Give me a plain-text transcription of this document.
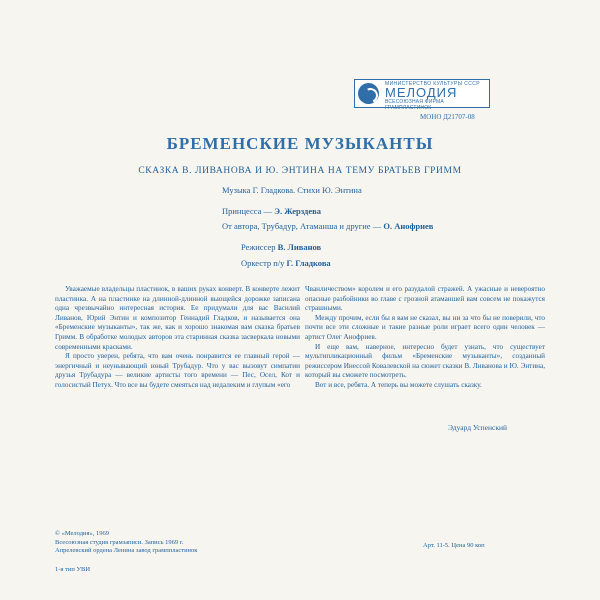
МИНИСТЕРСТВО КУЛЬТУРЫ СССР
МЕЛОДИЯ
ВСЕСОЮЗНАЯ ФИРМА ГРАМПЛАСТИНОК
МОНО Д21707-08
БРЕМЕНСКИЕ МУЗЫКАНТЫ
СКАЗКА В. ЛИВАНОВА И Ю. ЭНТИНА НА ТЕМУ БРАТЬЕВ ГРИММ
Музыка Г. Гладкова. Стихи Ю. Энтина
Принцесса — Э. Жерздева
От автора, Трубадур, Атаманша и другие — О. Анофриев
Режиссер В. Ливанов
Оркестр п/у Г. Гладкова

Уважаемые владельцы пластинок, в ваших руках конверт. В конверте лежит пластинка. А на пластинке на длинной-длинной вьющейся дорожке записана одна чрезвычайно интересная история. Ее придумали для вас Василий Ливанов, Юрий Энтин и композитор Геннадий Гладков, и называется она «Бременские музыканты», так же, как и хорошо знакомая вам сказка братьев Гримм. В обработке молодых авторов эта старинная сказка засверкала новыми современными красками.

Я просто уверен, ребята, что вам очень понравится ее главный герой — энергичный и неунывающий юный Трубадур. Что у вас вызовут симпатии друзья Трубадура — великие артисты того времени — Пес, Осел, Кот и голосистый Петух. Что все вы будете смеяться над недалеким и глупым «его

Чванличеством» королем и его разудалой стражей. А ужасные и невероятно опасные разбойники во главе с грозной атаманшей вам совсем не покажутся страшными.

Между прочим, если бы я вам не сказал, вы ни за что бы не поверили, что почти все эти сложные и такие разные роли играет всего один человек — артист Олег Анофриев.

И еще вам, наверное, интересно будет узнать, что существует мультипликационный фильм «Бременские музыканты», созданный режиссером Инессой Ковалевской на сюжет сказки В. Ливанова и Ю. Энтина, который вы сможете посмотреть.

Вот и все, ребята. А теперь вы можете слушать сказку.

Эдуард Успенский
© «Мелодия», 1969
Всесоюзная студия грамзаписи. Запись 1969 г.
Апрелевский ордена Ленина завод грамппластинок
Арт. 11-5. Цена 90 коп
1-я тип УВИ
